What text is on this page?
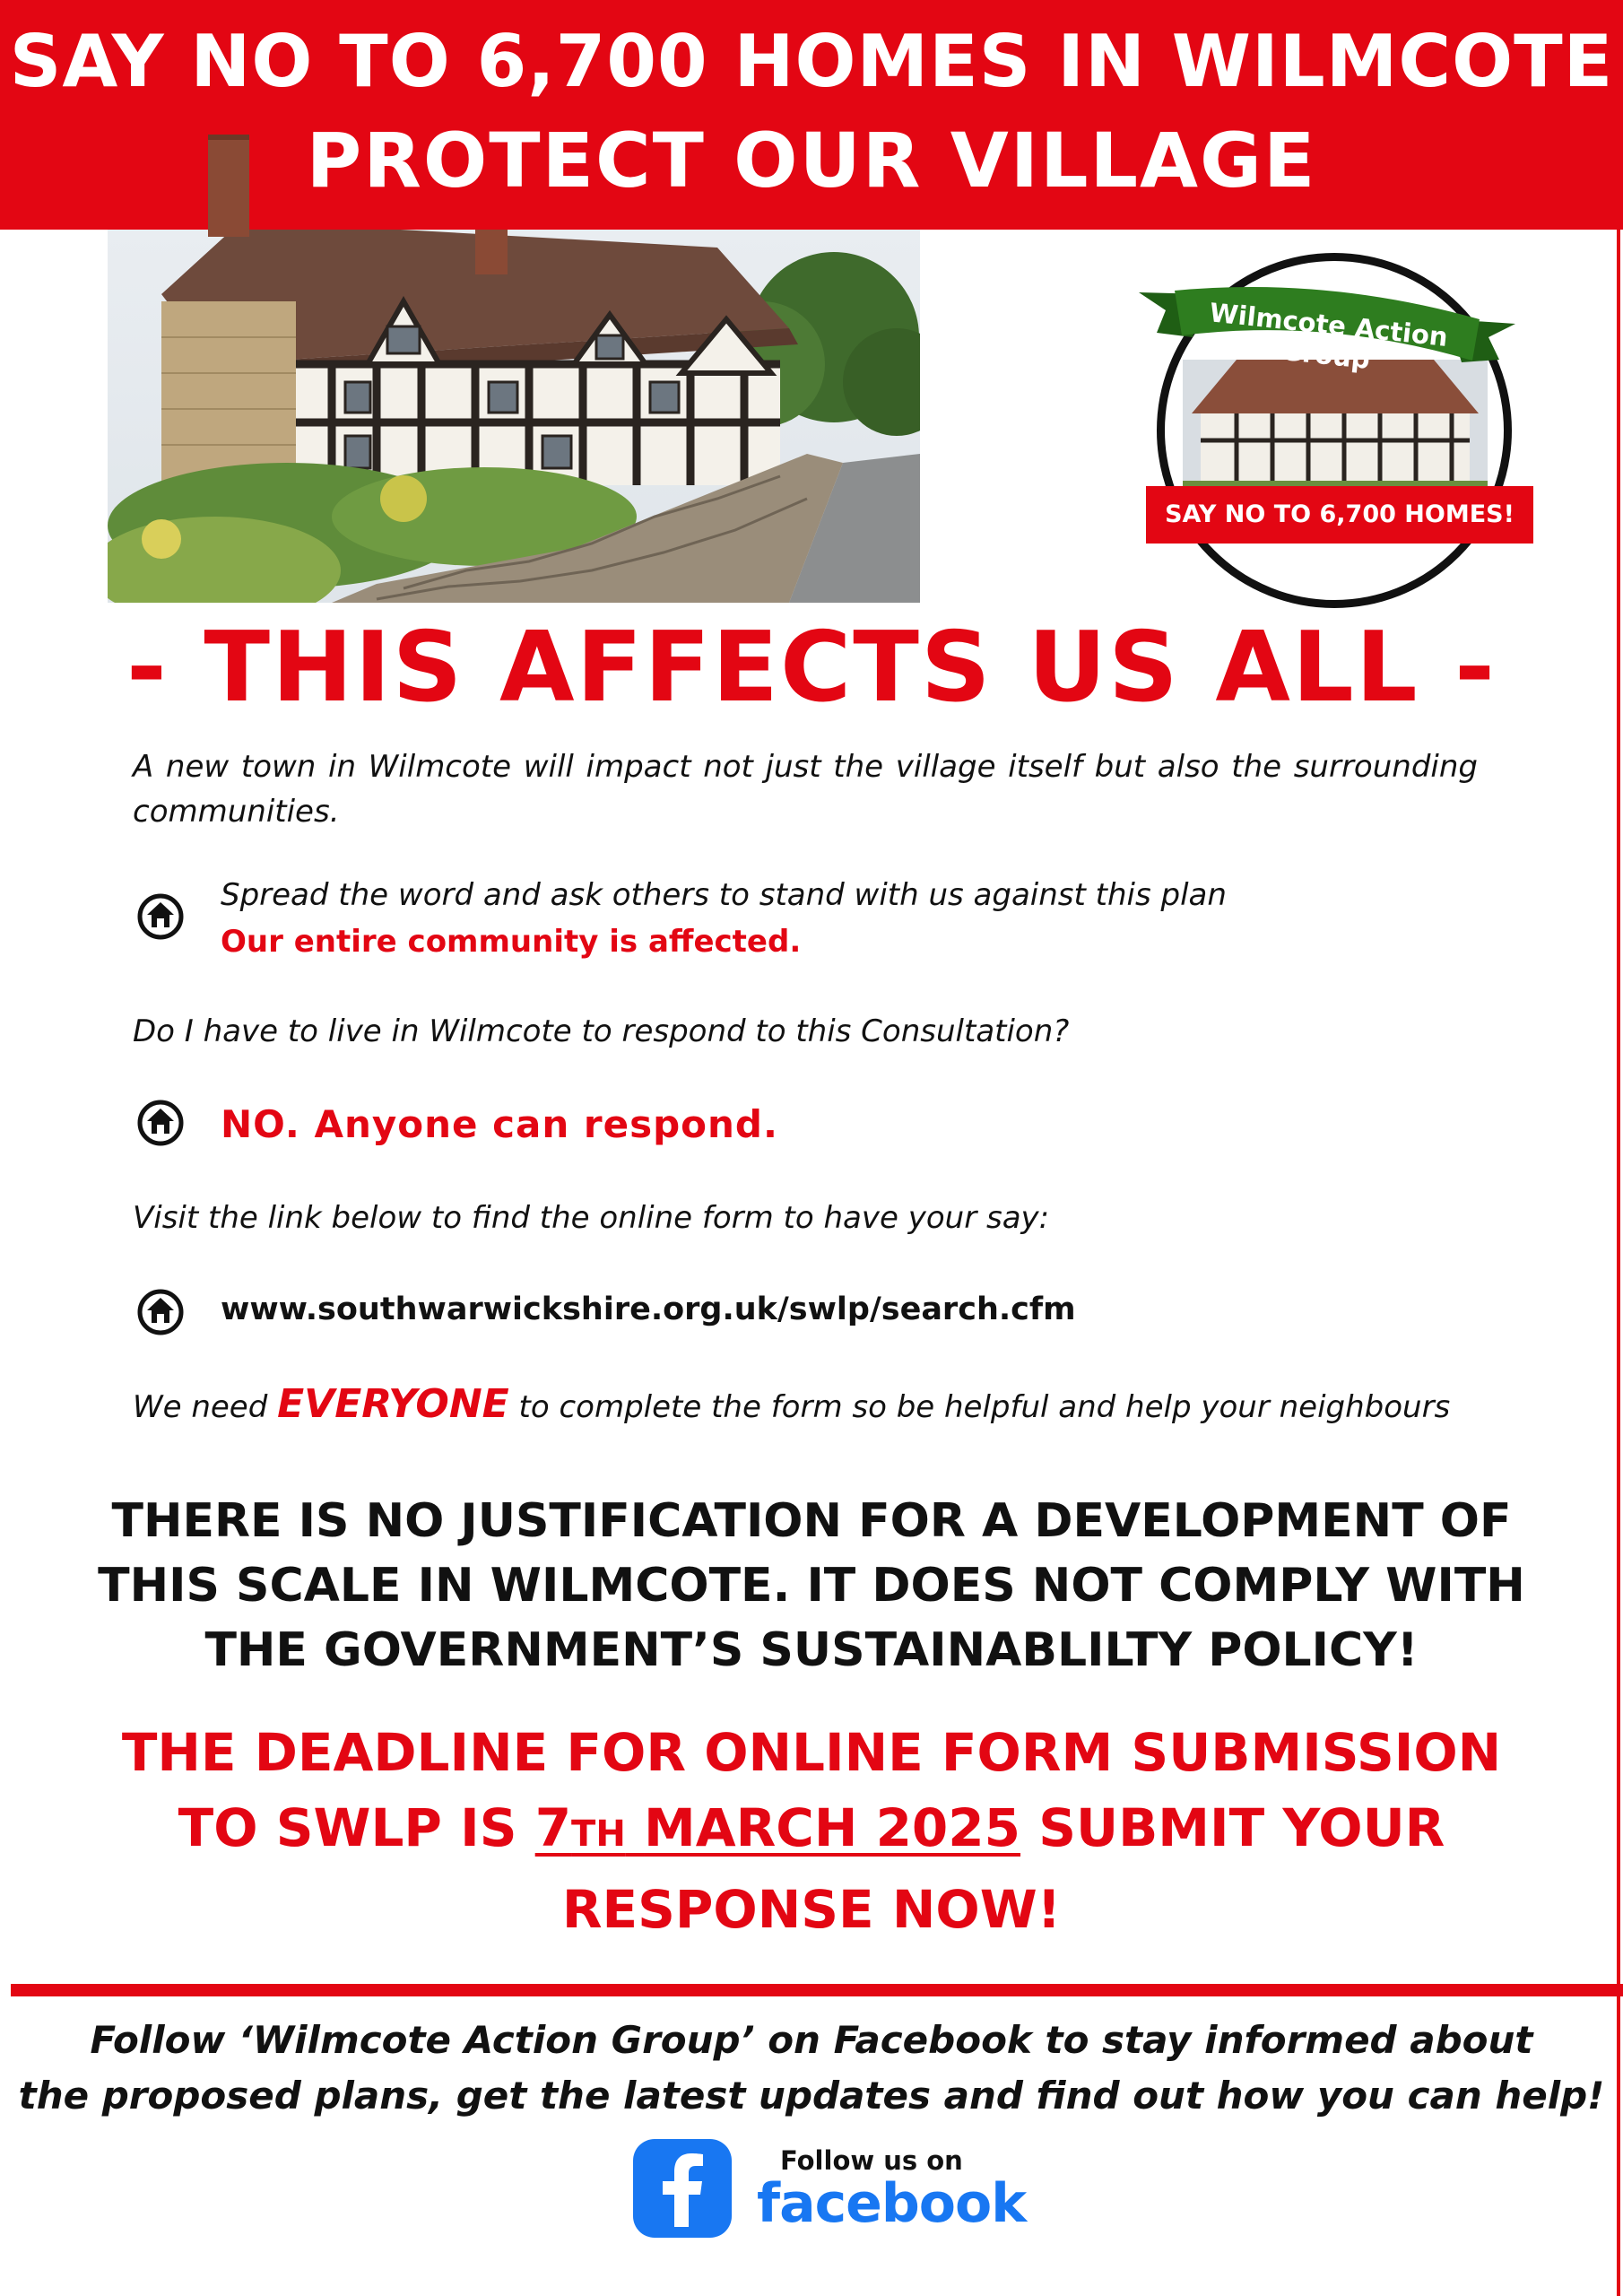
SAY NO TO 6,700 HOMES IN WILMCOTE
PROTECT OUR VILLAGE
Wilmcote Action Group
SAY NO TO 6,700 HOMES!
- THIS AFFECTS US ALL -
A new town in Wilmcote will impact not just the village itself but also the surrounding communities.
Spread the word and ask others to stand with us against this plan
Our entire community is affected.
Do I have to live in Wilmcote to respond to this Consultation?
NO. Anyone can respond.
Visit the link below to find the online form to have your say:
www.southwarwickshire.org.uk/swlp/search.cfm
We need EVERYONE to complete the form so be helpful and help your neighbours
THERE IS NO JUSTIFICATION FOR A DEVELOPMENT OF
THIS SCALE IN WILMCOTE. IT DOES NOT COMPLY WITH
THE GOVERNMENT’S SUSTAINABLILTY POLICY!
THE DEADLINE FOR ONLINE FORM SUBMISSION
TO SWLP IS 7TH MARCH 2025 SUBMIT YOUR
RESPONSE NOW!
Follow ‘Wilmcote Action Group’ on Facebook to stay informed about
the proposed plans, get the latest updates and find out how you can help!
Follow us on
facebook
